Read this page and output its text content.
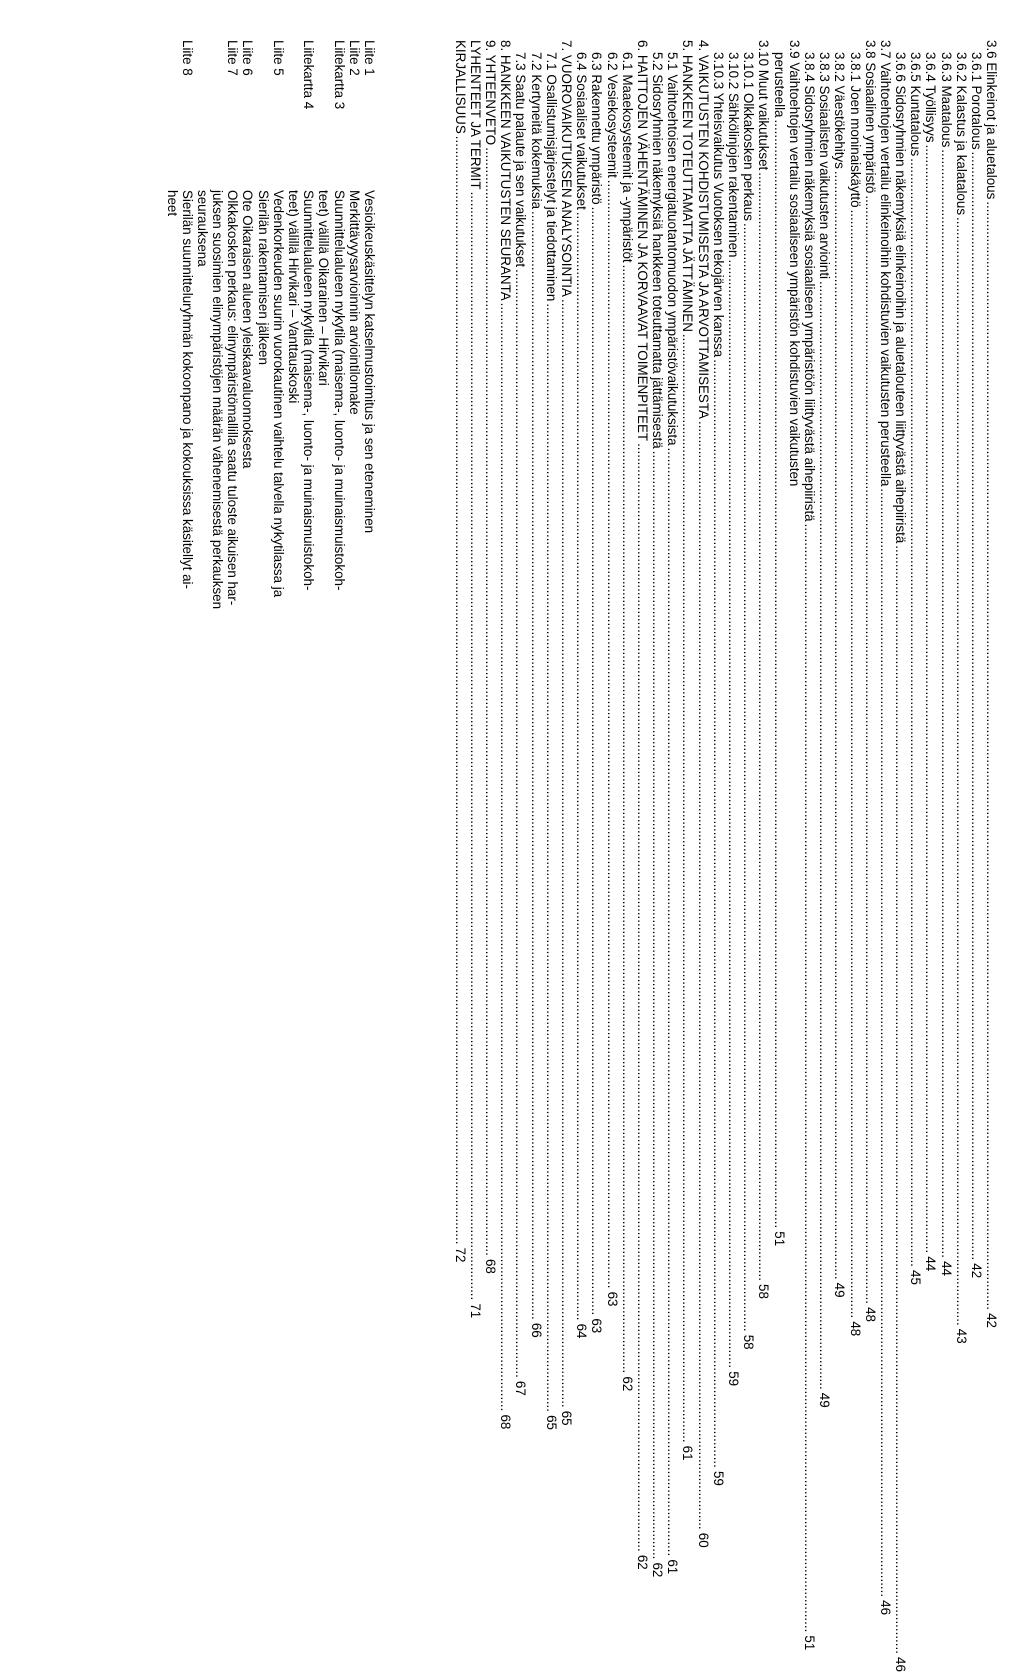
3.6 Elinkeinot ja aluetalous
.....
42
3.6.1 Porotalous
.....
42
3.6.2 Kalastus ja kalatalous
.....
43
3.6.3 Maatalous
.....
44
3.6.4 Työllisyys
.....
44
3.6.5 Kuntatalous
.....
45
3.6.6 Sidosryhmien näkemyksiä elinkeinoihin ja aluetalouteen liittyvästä aihepiiristä
.....
46
3.7 Vaihtoehtojen vertailu elinkeinoihin kohdistuvien vaikutusten perusteella
.....
46
3.8 Sosiaalinen ympäristö
.....
48
3.8.1 Joen moninaiskäyttö
.....
48
3.8.2 Väestökehitys
.....
49
3.8.3 Sosiaalisten vaikutusten arviointi
.....
49
3.8.4 Sidosryhmien näkemyksiä sosiaaliseen ympäristöön liittyvästä aihepiiristä
.....
51
3.9 Vaihtoehtojen vertailu sosiaaliseen ympäristön kohdistuvien vaikutusten
perusteella
.....
51
3.10 Muut vaikutukset
.....
58
3.10.1 Olkkakosken perkaus
.....
58
3.10.2 Sähkölinjojen rakentaminen
.....
59
3.10.3 Yhteisvaikutus Vuotoksen tekojärven kanssa
.....
59
4. VAIKUTUSTEN KOHDISTUMISESTA JA ARVOTTAMISESTA
.....
60
5. HANKKEEN TOTEUTTAMATTA JÄTTÄMINEN
.....
61
5.1 Vaihtoehtoisen energiatuotantomuodon ympäristövaikutuksista
.....
61
5.2 Sidosryhmien näkemyksiä hankkeen toteuttamatta jättämisestä
.....
62
6. HAITTOJEN VÄHENTÄMINEN JA KORVAAVAT TOIMENPITEET
.....
62
6.1 Maaekosysteemit ja -ympäristöt
.....
62
6.2 Vesiekosysteemit
.....
63
6.3 Rakennettu ympäristö
.....
63
6.4 Sosiaaliset vaikutukset
.....
64
7. VUOROVAIKUTUKSEN ANALYSOINTIA
.....
65
7.1 Osallistumisjärjestelyt ja tiedottaminen
.....
65
7.2 Kertyneitä kokemuksia
.....
66
7.3 Saatu palaute ja sen vaikutukset
.....
67
8. HANKKEEN VAIKUTUSTEN SEURANTA
.....
68
9. YHTEENVETO
.....
68
LYHENTEET JA TERMIT
.....
71
KIRJALLISUUS
.....
72
Liite 1
Vesioikeuskäsittelyn katselmustoimitus ja sen eteneminen
Liite 2
Merkittävyysarvioinnin arviointilomake
Liitekartta 3
Suunnittelualueen nykytila (maisema-, luonto- ja muinaismuistokoh-
teet) välillä Oikarainen – Hirvikari
Liitekartta 4
Suunnittelualueen nykytila (maisema-, luonto- ja muinaismuistokoh-
teet) välillä Hirvikari – Vanttauskoski
Liite 5
Vedenkorkeuden suurin vuorokautinen vaihtelu talvella nykytilassa ja
Sierilän rakentamisen jälkeen
Liite 6
Ote Oikaraisen alueen yleiskaavaluonnoksesta
Liite 7
Olkkakosken perkaus: elinympäristömallilla saatu tuloste aikuisen har-
juksen suosimien elinympäristöjen määrän vähenemisestä perkauksen
seurauksena
Liite 8
Sierilän suunnitteluryhmän kokoonpano ja kokouksissa käsitellyt ai-
heet
